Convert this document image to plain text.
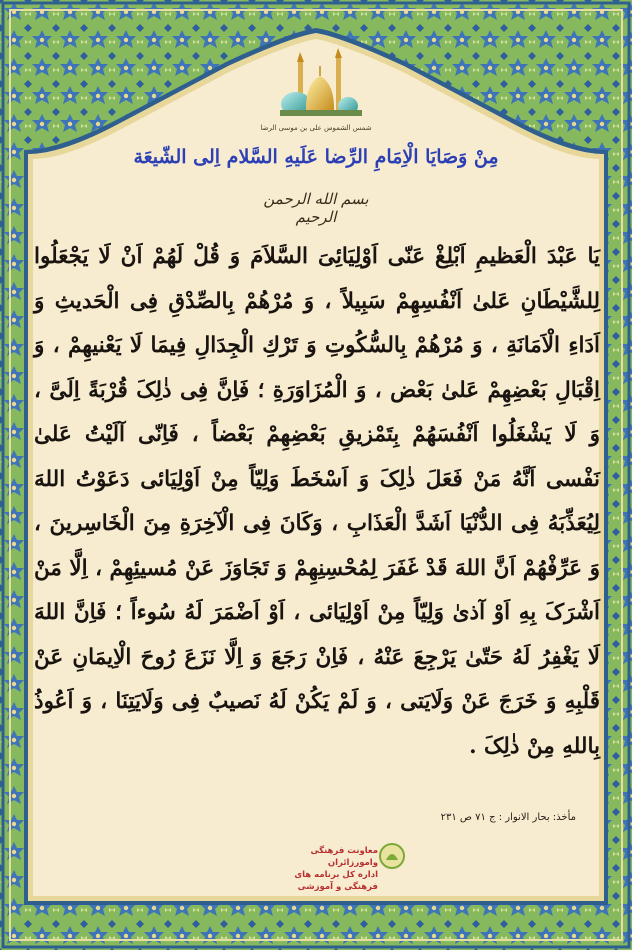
شمس الشموس علی بن موسی الرضا
مِنْ وَصَايَا الْاِمَامِ الرِّضا عَلَيهِ السَّلام اِلی الشّيعَة
بسم الله الرحمن الرحیم
يَا عَبْدَ الْعَظيمِ اَبْلِغْ عَنّی اَوْلِيَائِیَ السَّلاَمَ وَ قُلْ لَهُمْ اَنْ لَا يَجْعَلُوا لِلشَّيْطَانِ عَلیٰ اَنْفُسِهِمْ سَبِيلاً ، وَ مُرْهُمْ بِالصِّدْقِ فِی الْحَديثِ وَ اَدَاءِ الْاَمَانَةِ ، وَ مُرْهُمْ بِالسُّكُوتِ وَ تَرْكِ الْجِدَالِ فِيمَا لَا يَعْنيهِمْ ، وَ اِقْبَالِ بَعْضِهِمْ عَلیٰ بَعْض ، وَ الْمُزَاوَرَةِ ؛ فَاِنَّ فِی ذٰلِکَ قُرْبَةً اِلَیَّ ، وَ لَا يَشْغَلُوا اَنْفُسَهُمْ بِتَمْزيقِ بَعْضِهِمْ بَعْضاً ، فَاِنّی آلَيْتُ عَلیٰ نَفْسی اَنَّهُ مَنْ فَعَلَ ذٰلِکَ وَ اَسْخَطَ وَلِيّاً مِنْ اَوْلِيَائی دَعَوْتُ اللهَ لِيُعَذِّبَهُ فِی الدُّنْيَا اَشَدَّ الْعَذَابِ ، وَكَانَ فِی الْآخِرَةِ مِنَ الْخَاسِرينَ ، وَ عَرِّفْهُمْ اَنَّ اللهَ قَدْ غَفَرَ لِمُحْسِنِهِمْ وَ تَجَاوَزَ عَنْ مُسيئِهِمْ ، اِلَّا مَنْ اَشْرَکَ بِهِ اَوْ آذیٰ وَلِيّاً مِنْ اَوْلِيَائی ، اَوْ اَضْمَرَ لَهُ سُوءاً ؛ فَاِنَّ اللهَ لَا يَغْفِرُ لَهُ حَتّیٰ يَرْجِعَ عَنْهُ ، فَاِنْ رَجَعَ وَ اِلَّا نَزَعَ رُوحَ الْاِيمَانِ عَنْ قَلْبِهِ وَ خَرَجَ عَنْ وَلَايَتی ، وَ لَمْ يَكُنْ لَهُ نَصيبٌ فِی وَلَايَتِنَا ، وَ اَعُوذُ بِاللهِ مِنْ ذٰلِکَ .
مأخذ: بحار الانوار : ج ٧١ ص ٢٣١
معاونت فرهنگی وامورزائران
اداره کل برنامه های فرهنگی و آموزشی
